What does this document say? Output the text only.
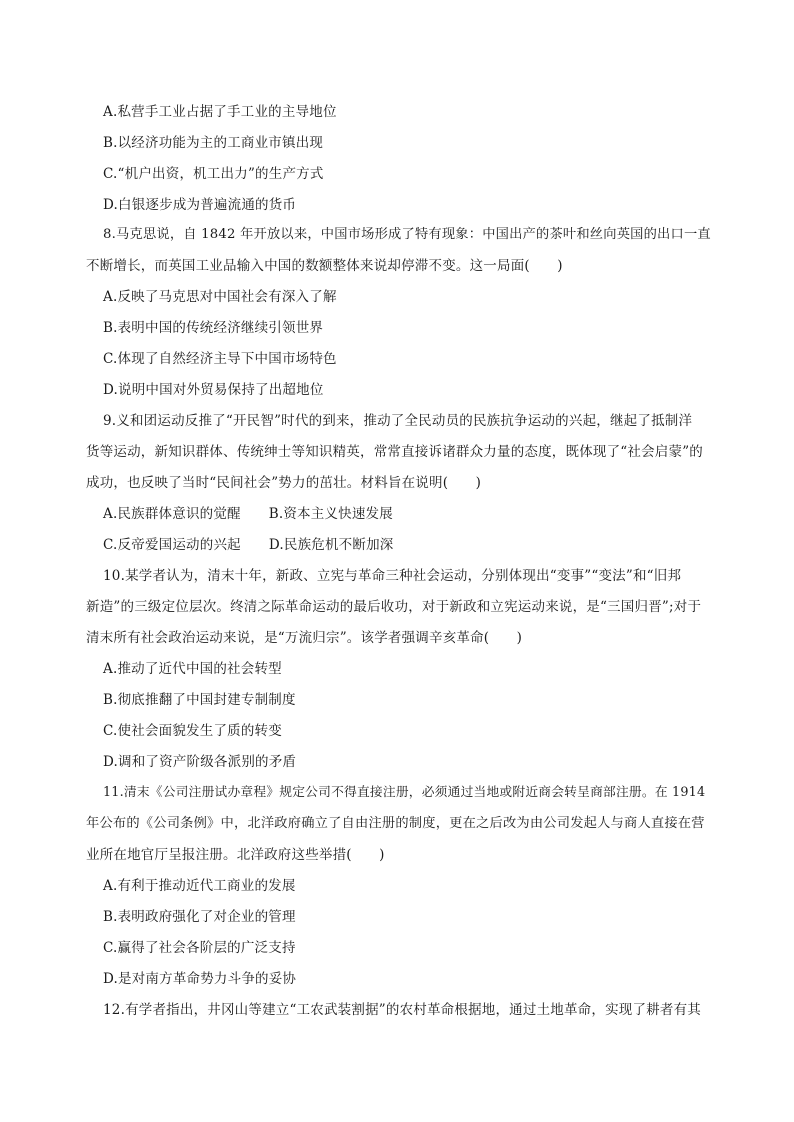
A.私营手工业占据了手工业的主导地位
B.以经济功能为主的工商业市镇出现
C.“机户出资，机工出力”的生产方式
D.白银逐步成为普遍流通的货币
8.马克思说，自 1842 年开放以来，中国市场形成了特有现象：中国出产的茶叶和丝向英国的出口一直
不断增长，而英国工业品输入中国的数额整体来说却停滞不变。这一局面(　　)
A.反映了马克思对中国社会有深入了解
B.表明中国的传统经济继续引领世界
C.体现了自然经济主导下中国市场特色
D.说明中国对外贸易保持了出超地位
9.义和团运动反推了“开民智”时代的到来，推动了全民动员的民族抗争运动的兴起，继起了抵制洋
货等运动，新知识群体、传统绅士等知识精英，常常直接诉诸群众力量的态度，既体现了“社会启蒙”的
成功，也反映了当时“民间社会”势力的茁壮。材料旨在说明(　　)
A.民族群体意识的觉醒 B.资本主义快速发展
C.反帝爱国运动的兴起 D.民族危机不断加深
10.某学者认为，清末十年，新政、立宪与革命三种社会运动，分别体现出“变事”“变法”和“旧邦
新造”的三级定位层次。终清之际革命运动的最后收功，对于新政和立宪运动来说，是“三国归晋”;对于
清末所有社会政治运动来说，是“万流归宗”。该学者强调辛亥革命(　　)
A.推动了近代中国的社会转型
B.彻底推翻了中国封建专制制度
C.使社会面貌发生了质的转变
D.调和了资产阶级各派别的矛盾
11.清末《公司注册试办章程》规定公司不得直接注册，必须通过当地或附近商会转呈商部注册。在 1914
年公布的《公司条例》中，北洋政府确立了自由注册的制度，更在之后改为由公司发起人与商人直接在营
业所在地官厅呈报注册。北洋政府这些举措(　　)
A.有利于推动近代工商业的发展
B.表明政府强化了对企业的管理
C.赢得了社会各阶层的广泛支持
D.是对南方革命势力斗争的妥协
12.有学者指出，井冈山等建立“工农武装割据”的农村革命根据地，通过土地革命，实现了耕者有其
